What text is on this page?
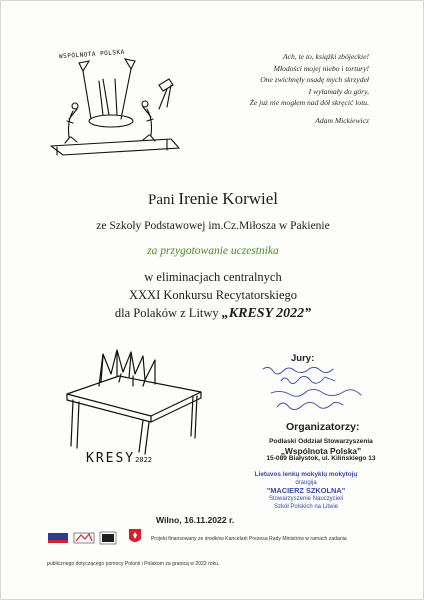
WSPÓLNOTA POLSKA	Ach, te to, książki zbójeckie!
Młodości mojej niebo i tortury!
One zwichnęły osadę mych skrzydeł
I wyłamały do góry,
Że już nie mogłem nad dół skręcić lotu.
Adam Mickiewicz
Pani Irenie Korwiel
ze Szkoły Podstawowej im.Cz.Miłosza w Pakienie
za przygotowanie uczestnika
w eliminacjach centralnych
XXXI Konkursu Recytatorskiego
dla Polaków z Litwy „KRESY 2022”
KRESY2022
Jury:
Organizatorzy:
Podlaski Oddział Stowarzyszenia
„Wspólnota Polska”
15-089 Białystok, ul. Kilińskiego 13
Lietuvos lenkų mokyklų mokytojų
draugija
"MACIERZ SZKOLNA"
Stowarzyszenie Nauczycieli
Szkół Polskich na Litwie
Wilno, 16.11.2022 r.
Projekt finansowany ze środków Kancelarii Prezesa Rady Ministrów w ramach zadania
publicznego dotyczącego pomocy Polonii i Polakom za granicą w 2022 roku.
